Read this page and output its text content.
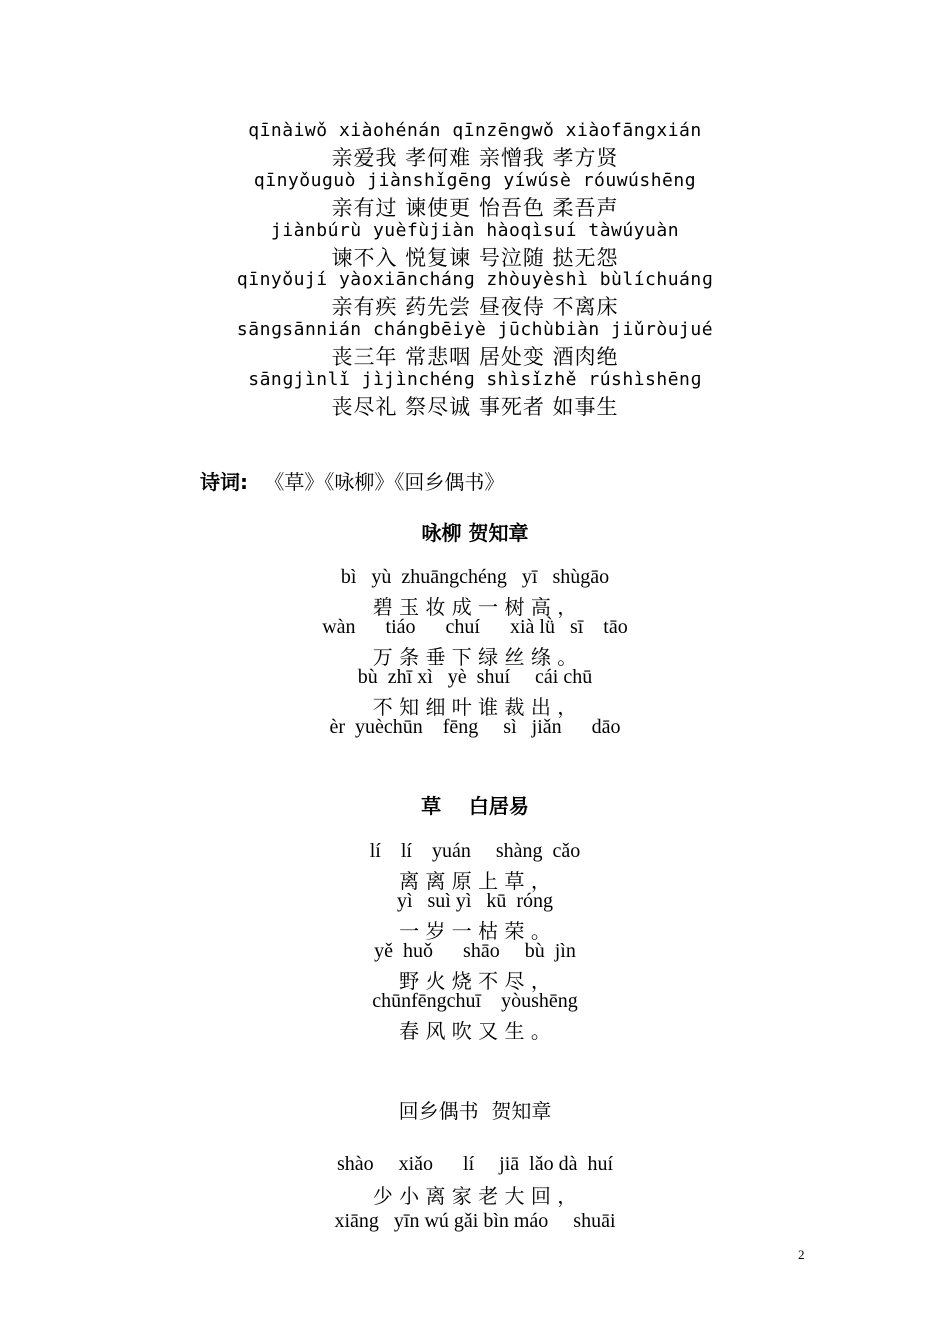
qīnàiwǒ xiàohénán qīnzēngwǒ xiàofāngxián
亲爱我 孝何难 亲憎我 孝方贤
qīnyǒuguò jiànshǐgēng yíwúsè róuwúshēng
亲有过 谏使更 怡吾色 柔吾声
jiànbúrù yuèfùjiàn hàoqìsuí tàwúyuàn
谏不入 悦复谏 号泣随 挞无怨
qīnyǒují yàoxiānchánɡ zhòuyèshì bùlíchuánɡ
亲有疾 药先尝 昼夜侍 不离床
sānɡsānnián chánɡbēiyè jūchùbiàn jiǔròujué
丧三年 常悲咽 居处变 酒肉绝
sānɡjìnlǐ jìjìnchénɡ shìsǐzhě rúshìshēnɡ
丧尽礼 祭尽诚 事死者 如事生
诗词: 《草》《咏柳》《回乡偶书》
咏柳 贺知章
bì   yù  zhuāngchéng   yī   shùgāo
碧 玉 妆 成 一 树 高 ，
wàn      tiáo      chuí      xià lǜ   sī    tāo
万 条 垂 下 绿 丝 绦 。
bù  zhī xì   yè  shuí     cái chū
不 知 细 叶 谁 裁 出 ，
èr  yuèchūn    fēng     sì   jiǎn      dāo
草    白居易
lí    lí    yuán     shàng  cǎo
离 离 原 上 草 ，
yì   suì yì   kū  róng
一 岁 一 枯 荣 。
yě  huǒ      shāo     bù  jìn
野 火 烧 不 尽 ，
chūnfēngchuī    yòushēng
春 风 吹 又 生 。
回乡偶书  贺知章
shào     xiǎo      lí     jiā  lǎo dà  huí
少 小 离 家 老 大 回 ，
xiāng   yīn wú gǎi bìn máo     shuāi
2
